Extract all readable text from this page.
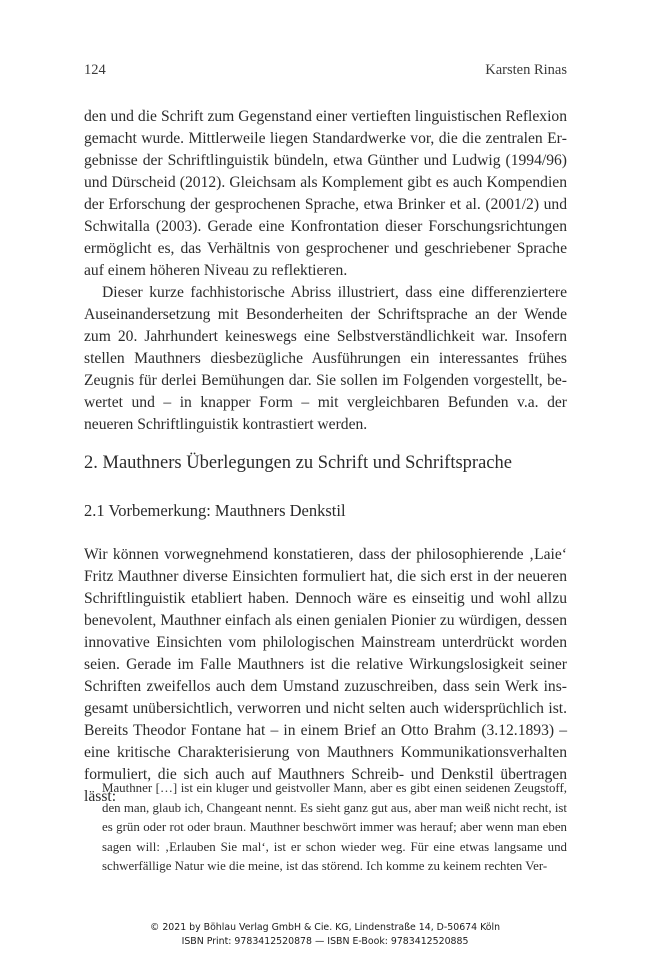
124	Karsten Rinas

den und die Schrift zum Gegenstand einer vertieften linguistischen Reflexion gemacht wurde. Mittlerweile liegen Standardwerke vor, die die zentralen Ergebnisse der Schriftlinguistik bündeln, etwa Günther und Ludwig (1994/96) und Dürscheid (2012). Gleichsam als Komplement gibt es auch Kompendien der Erforschung der gesprochenen Sprache, etwa Brinker et al. (2001/2) und Schwitalla (2003). Gerade eine Konfrontation dieser Forschungsrichtungen ermöglicht es, das Verhältnis von gesprochener und geschriebener Sprache auf einem höheren Niveau zu reflektieren.

Dieser kurze fachhistorische Abriss illustriert, dass eine differenziertere Auseinandersetzung mit Besonderheiten der Schriftsprache an der Wende zum 20. Jahrhundert keineswegs eine Selbstverständlichkeit war. Insofern stellen Mauthners diesbezügliche Ausführungen ein interessantes frühes Zeugnis für derlei Bemühungen dar. Sie sollen im Folgenden vorgestellt, bewertet und – in knapper Form – mit vergleichbaren Befunden v.a. der neueren Schriftlinguistik kontrastiert werden.

2. Mauthners Überlegungen zu Schrift und Schriftsprache
2.1 Vorbemerkung: Mauthners Denkstil

Wir können vorwegnehmend konstatieren, dass der philosophierende ‚Laie‘ Fritz Mauthner diverse Einsichten formuliert hat, die sich erst in der neueren Schriftlinguistik etabliert haben. Dennoch wäre es einseitig und wohl allzu benevolent, Mauthner einfach als einen genialen Pionier zu würdigen, dessen innovative Einsichten vom philologischen Mainstream unterdrückt worden seien. Gerade im Falle Mauthners ist die relative Wirkungslosigkeit seiner Schriften zweifellos auch dem Umstand zuzuschreiben, dass sein Werk insgesamt unübersichtlich, verworren und nicht selten auch widersprüchlich ist. Bereits Theodor Fontane hat – in einem Brief an Otto Brahm (3.12.1893) – eine kritische Charakterisierung von Mauthners Kommunikationsverhalten formuliert, die sich auch auf Mauthners Schreib- und Denkstil übertragen lässt:

Mauthner […] ist ein kluger und geistvoller Mann, aber es gibt einen seidenen Zeugstoff, den man, glaub ich, Changeant nennt. Es sieht ganz gut aus, aber man weiß nicht recht, ist es grün oder rot oder braun. Mauthner beschwört immer was herauf; aber wenn man eben sagen will: ‚Erlauben Sie mal‘, ist er schon wieder weg. Für eine etwas langsame und schwerfällige Natur wie die meine, ist das störend. Ich komme zu keinem rechten Ver-

© 2021 by Böhlau Verlag GmbH & Cie. KG, Lindenstraße 14, D-50674 Köln
ISBN Print: 9783412520878 — ISBN E-Book: 9783412520885
